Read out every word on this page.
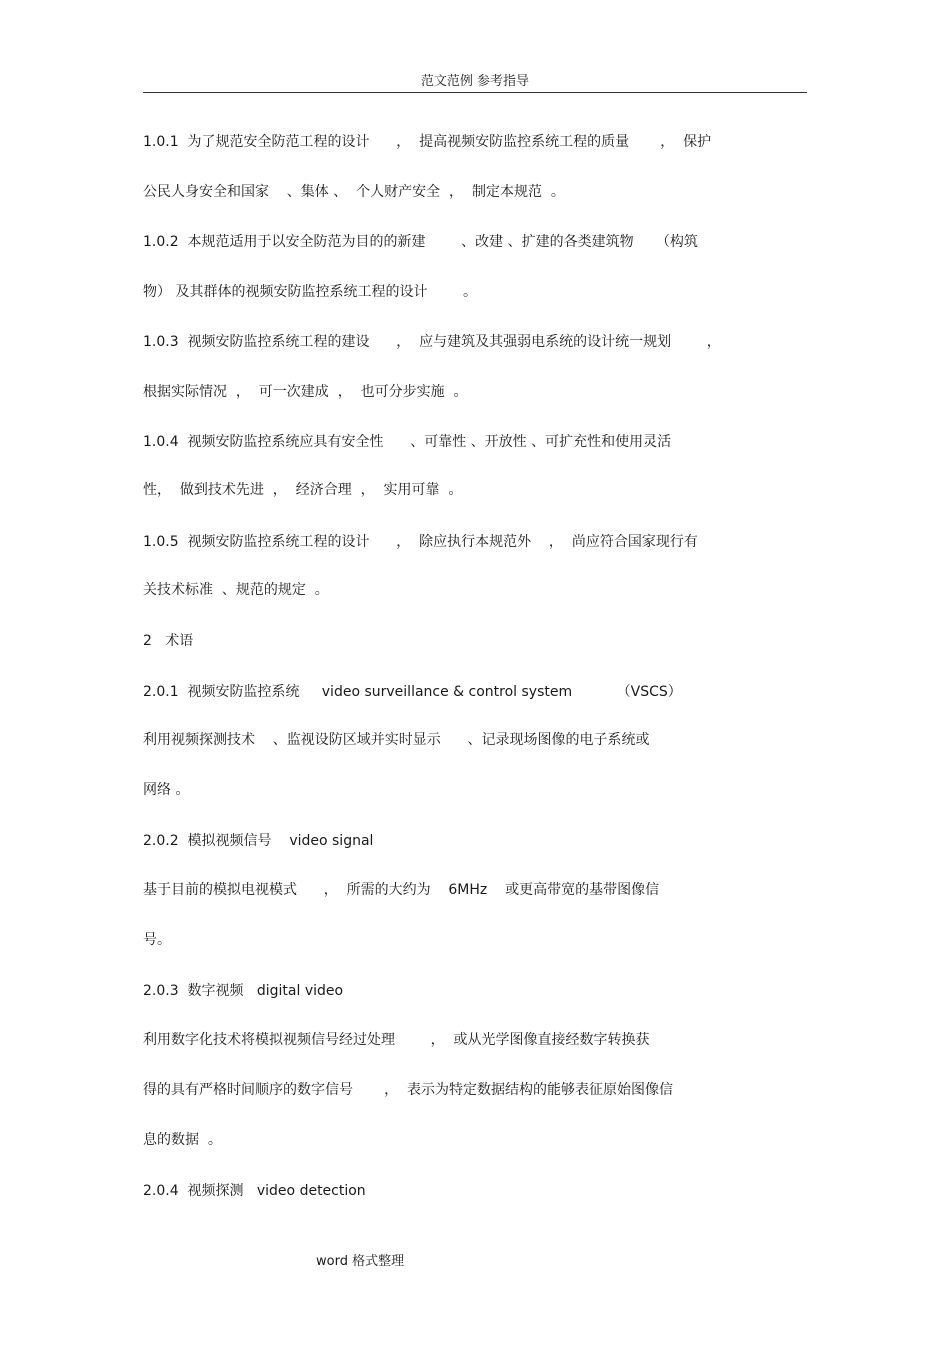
范文范例 参考指导
1.0.1  为了规范安全防范工程的设计      ，  提高视频安防监控系统工程的质量       ，  保护
公民人身安全和国家    、集体 、  个人财产安全  ，  制定本规范  。
1.0.2  本规范适用于以安全防范为目的的新建        、改建 、扩建的各类建筑物     （构筑
物） 及其群体的视频安防监控系统工程的设计        。
1.0.3  视频安防监控系统工程的建设      ，  应与建筑及其强弱电系统的设计统一规划        ，
根据实际情况  ，  可一次建成  ，  也可分步实施  。
1.0.4  视频安防监控系统应具有安全性      、可靠性 、开放性 、可扩充性和使用灵活
性，  做到技术先进  ，  经济合理  ，  实用可靠  。
1.0.5  视频安防监控系统工程的设计      ，  除应执行本规范外    ，  尚应符合国家现行有
关技术标准  、规范的规定  。
2   术语
2.0.1  视频安防监控系统     video surveillance & control system          （VSCS）
利用视频探测技术    、监视设防区域并实时显示      、记录现场图像的电子系统或
网络 。
2.0.2  模拟视频信号    video signal
基于目前的模拟电视模式      ，  所需的大约为    6MHz    或更高带宽的基带图像信
号。
2.0.3  数字视频   digital video
利用数字化技术将模拟视频信号经过处理        ，  或从光学图像直接经数字转换获
得的具有严格时间顺序的数字信号       ，  表示为特定数据结构的能够表征原始图像信
息的数据  。
2.0.4  视频探测   video detection
word 格式整理
